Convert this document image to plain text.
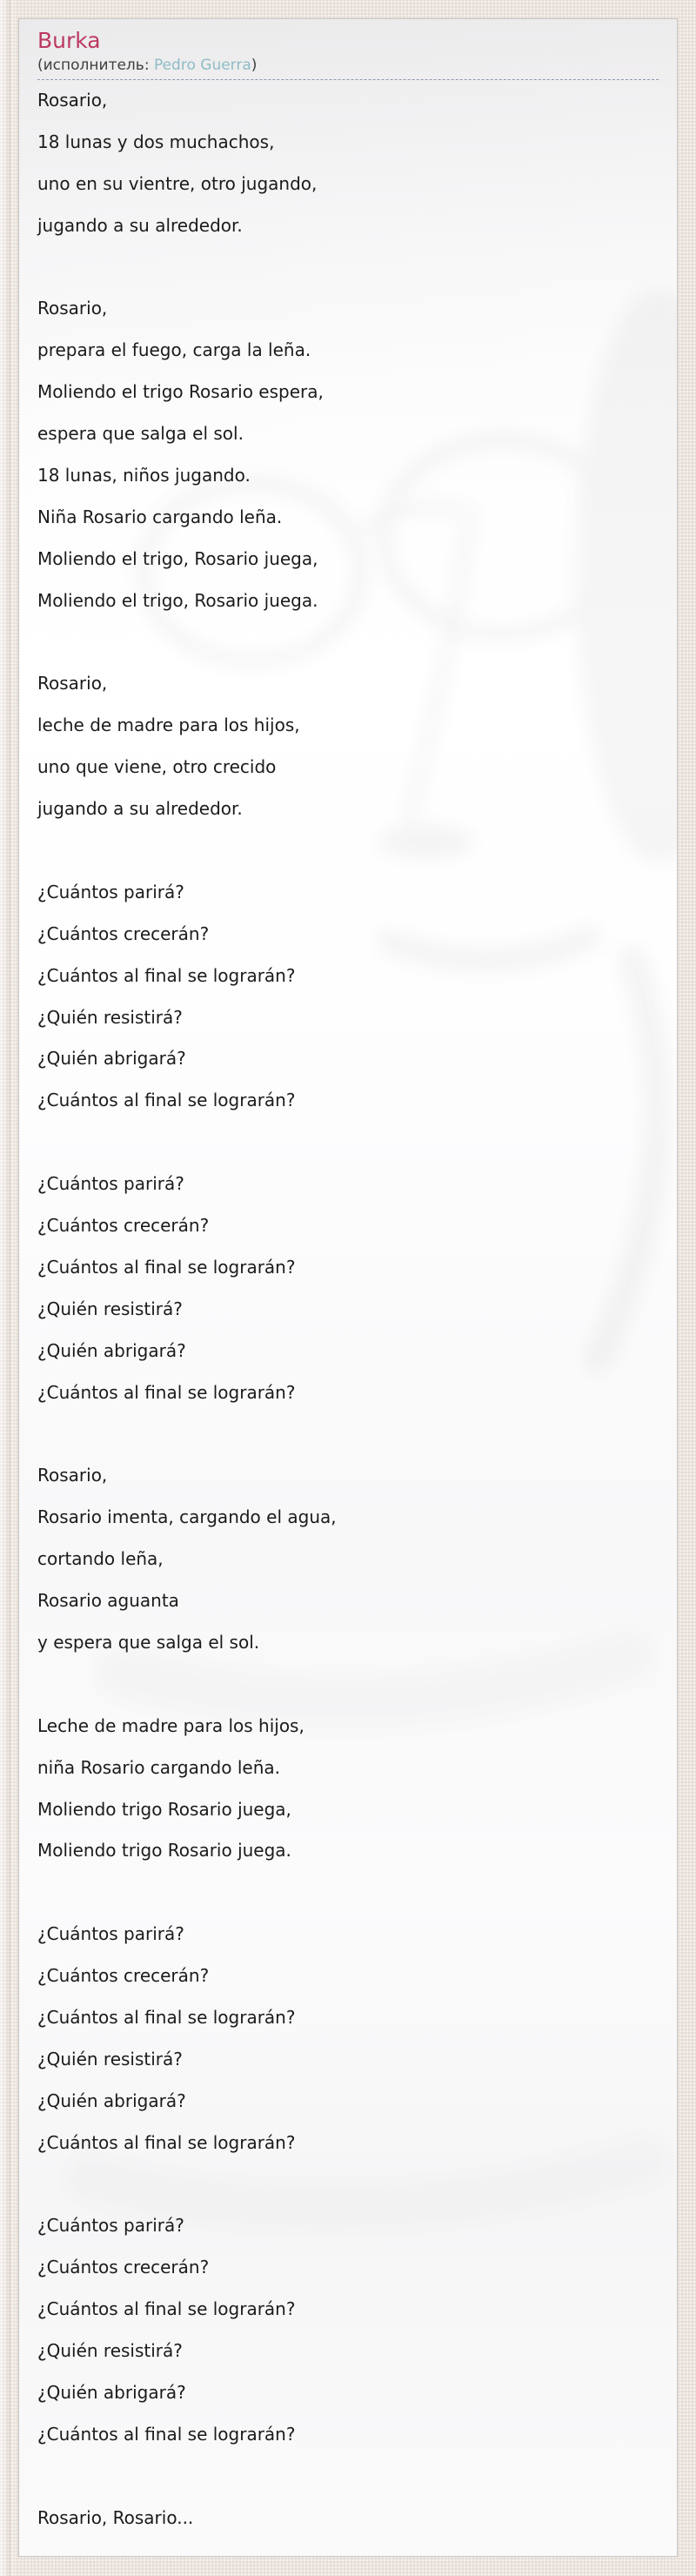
Burka
(исполнитель: Pedro Guerra)
Rosario,
18 lunas y dos muchachos,
uno en su vientre, otro jugando,
jugando a su alrededor.

Rosario,
prepara el fuego, carga la leña.
Moliendo el trigo Rosario espera,
espera que salga el sol.
18 lunas, niños jugando.
Niña Rosario cargando leña.
Moliendo el trigo, Rosario juega,
Moliendo el trigo, Rosario juega.

Rosario,
leche de madre para los hijos,
uno que viene, otro crecido
jugando a su alrededor.

¿Cuántos parirá?
¿Cuántos crecerán?
¿Cuántos al final se lograrán?
¿Quién resistirá?
¿Quién abrigará?
¿Cuántos al final se lograrán?

¿Cuántos parirá?
¿Cuántos crecerán?
¿Cuántos al final se lograrán?
¿Quién resistirá?
¿Quién abrigará?
¿Cuántos al final se lograrán?

Rosario,
Rosario imenta, cargando el agua,
cortando leña,
Rosario aguanta
y espera que salga el sol.

Leche de madre para los hijos,
niña Rosario cargando leña.
Moliendo trigo Rosario juega,
Moliendo trigo Rosario juega.

¿Cuántos parirá?
¿Cuántos crecerán?
¿Cuántos al final se lograrán?
¿Quién resistirá?
¿Quién abrigará?
¿Cuántos al final se lograrán?

¿Cuántos parirá?
¿Cuántos crecerán?
¿Cuántos al final se lograrán?
¿Quién resistirá?
¿Quién abrigará?
¿Cuántos al final se lograrán?

Rosario, Rosario...
